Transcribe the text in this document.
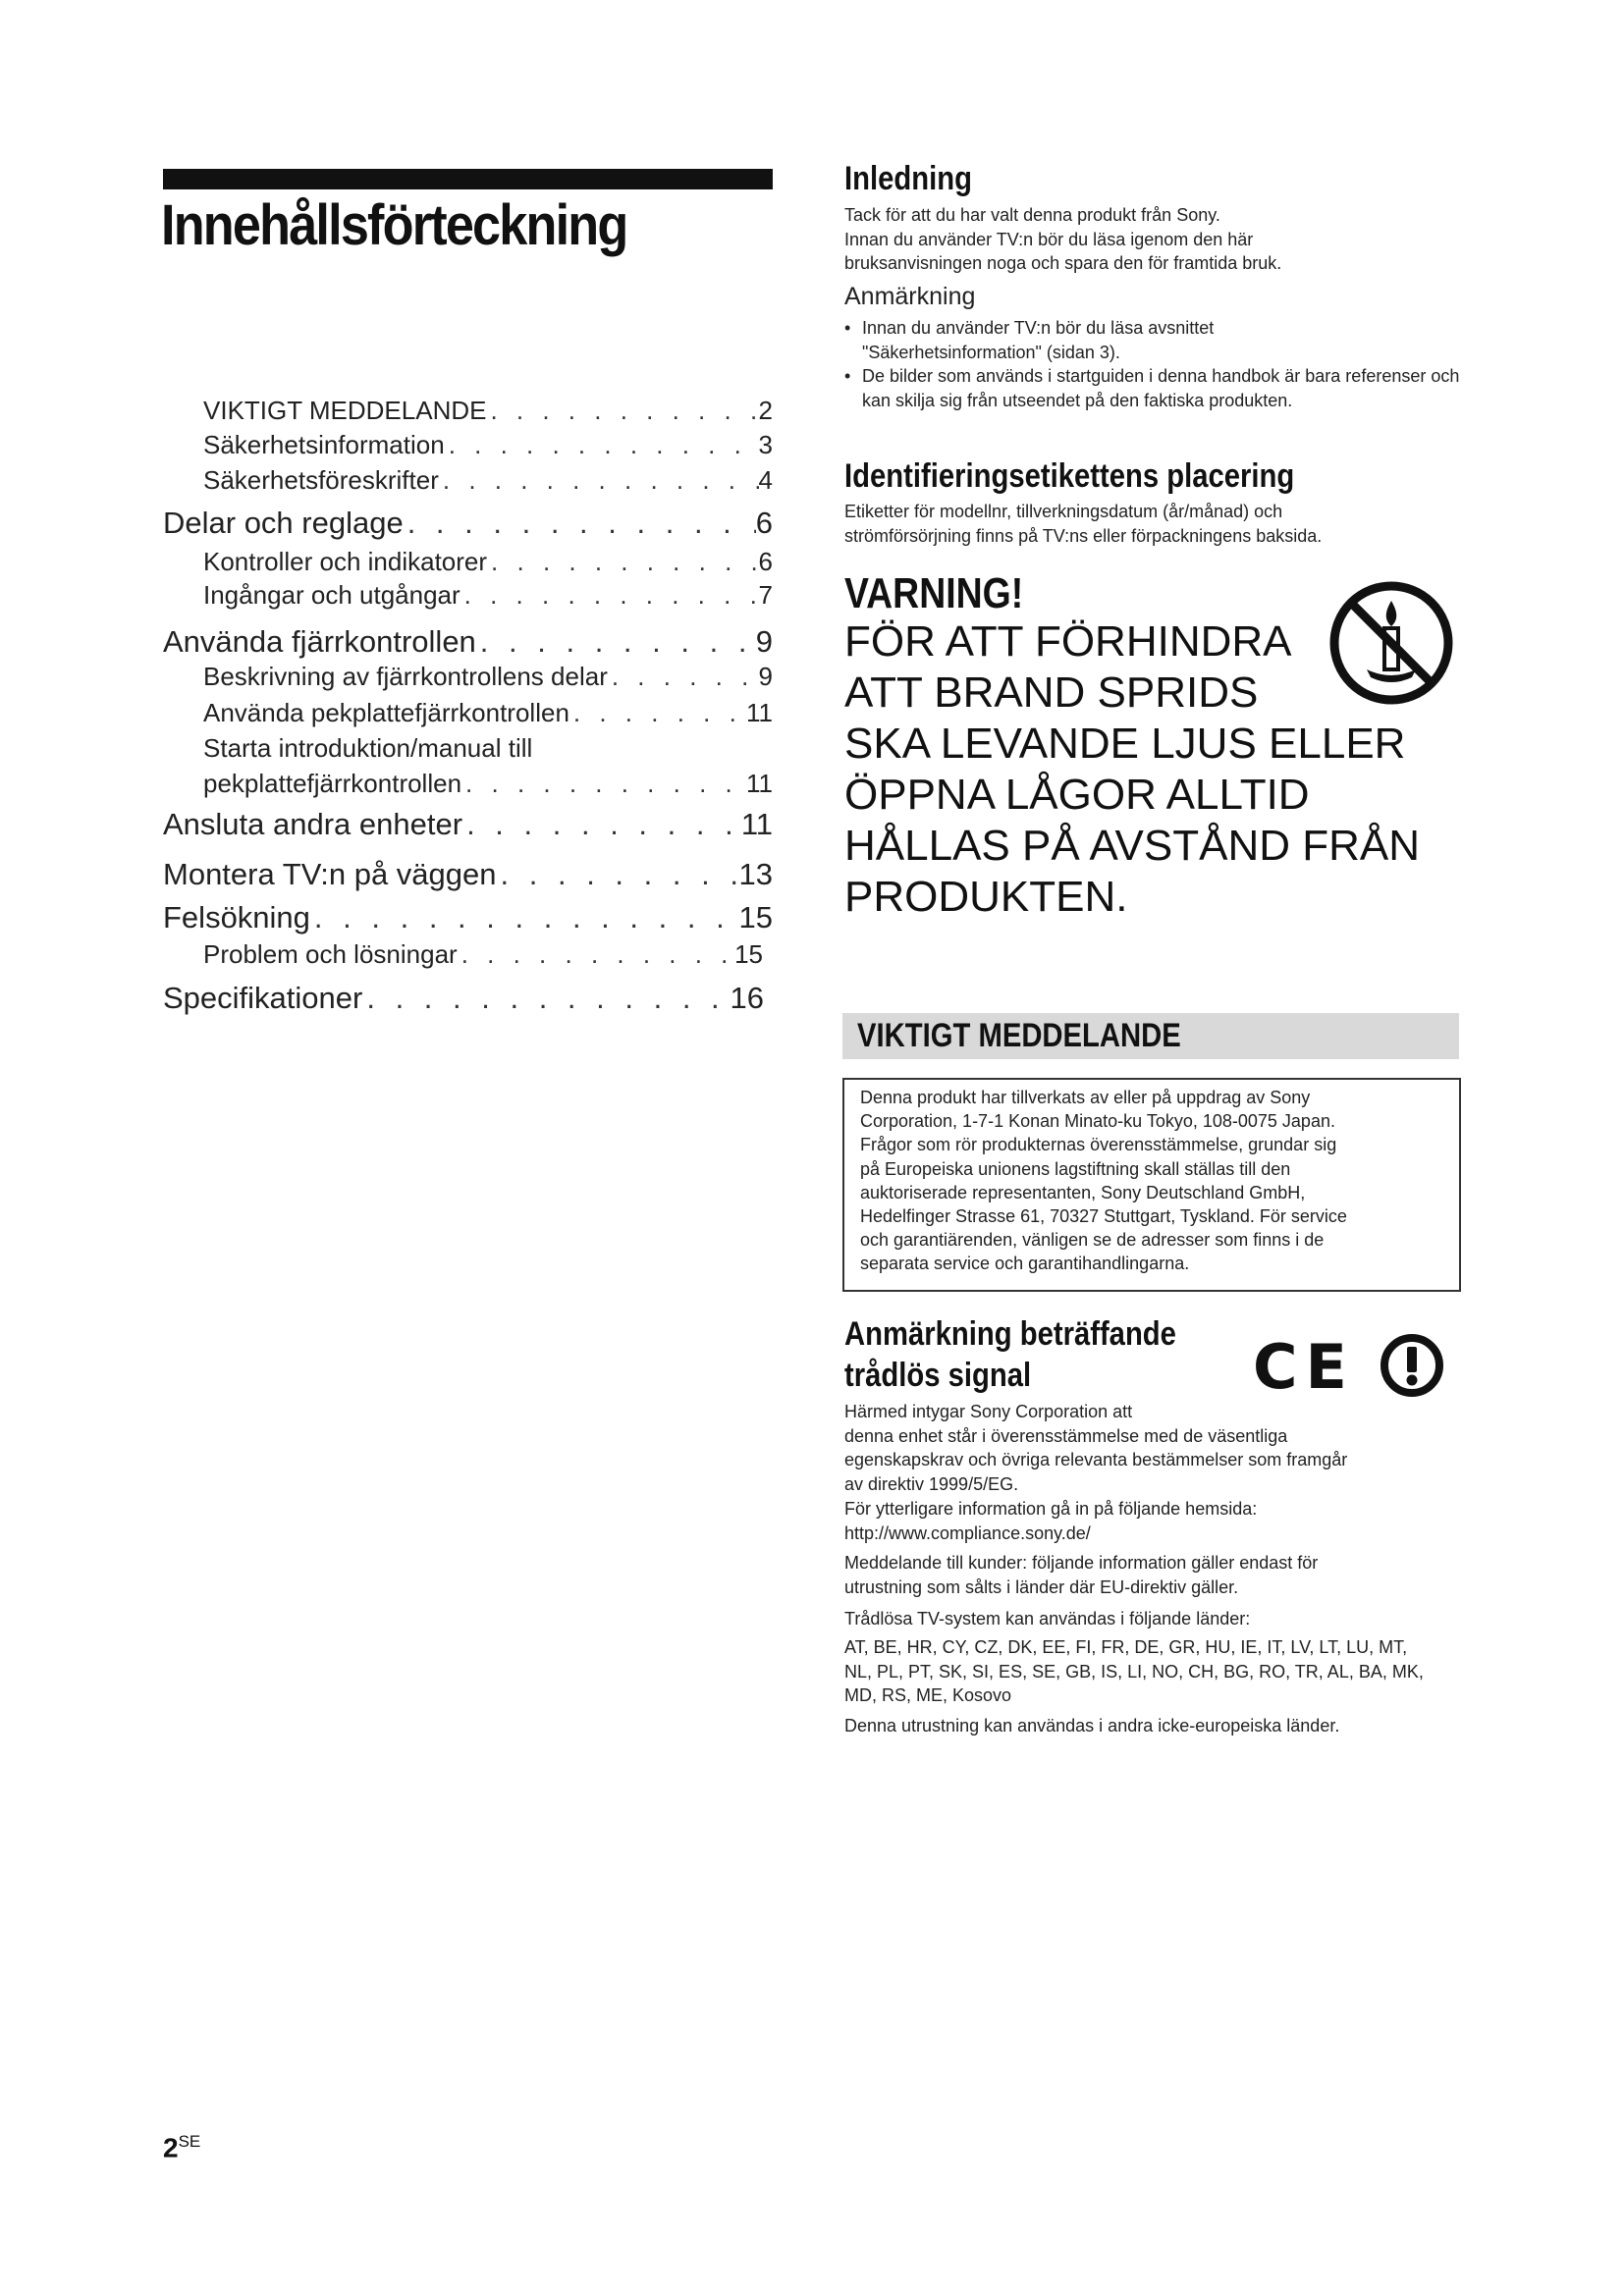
Innehållsförteckning
VIKTIGT MEDDELANDE . . .	2
Säkerhetsinformation . . .	3
Säkerhetsföreskrifter . . .	4
Delar och reglage . . .	6
Kontroller och indikatorer . . .	6
Ingångar och utgångar . . .	7
Använda fjärrkontrollen . . .	9
Beskrivning av fjärrkontrollens delar . . .	9
Använda pekplattefjärrkontrollen . . .	11
Starta introduktion/manual till
pekplattefjärrkontrollen . . .	11
Ansluta andra enheter . . .	11
Montera TV:n på väggen . . .	13
Felsökning . . .	15
Problem och lösningar . . .	15
Specifikationer . . .	16
Inledning
Tack för att du har valt denna produkt från Sony.
Innan du använder TV:n bör du läsa igenom den här
bruksanvisningen noga och spara den för framtida bruk.
Anmärkning
• Innan du använder TV:n bör du läsa avsnittet "Säkerhetsinformation" (sidan 3).
• De bilder som används i startguiden i denna handbok är bara referenser och kan skilja sig från utseendet på den faktiska produkten.
Identifieringsetikettens placering
Etiketter för modellnr, tillverkningsdatum (år/månad) och
strömförsörjning finns på TV:ns eller förpackningens baksida.
VARNING!
FÖR ATT FÖRHINDRA
ATT BRAND SPRIDS
SKA LEVANDE LJUS ELLER
ÖPPNA LÅGOR ALLTID
HÅLLAS PÅ AVSTÅND FRÅN
PRODUKTEN.
VIKTIGT MEDDELANDE
Denna produkt har tillverkats av eller på uppdrag av Sony
Corporation, 1-7-1 Konan Minato-ku Tokyo, 108-0075 Japan.
Frågor som rör produkternas överensstämmelse, grundar sig
på Europeiska unionens lagstiftning skall ställas till den
auktoriserade representanten, Sony Deutschland GmbH,
Hedelfinger Strasse 61, 70327 Stuttgart, Tyskland. För service
och garantiärenden, vänligen se de adresser som finns i de
separata service och garantihandlingarna.
Anmärkning beträffande
trådlös signal	CE
Härmed intygar Sony Corporation att
denna enhet står i överensstämmelse med de väsentliga
egenskapskrav och övriga relevanta bestämmelser som framgår
av direktiv 1999/5/EG.
För ytterligare information gå in på följande hemsida:
http://www.compliance.sony.de/
Meddelande till kunder: följande information gäller endast för
utrustning som sålts i länder där EU-direktiv gäller.
Trådlösa TV-system kan användas i följande länder:
AT, BE, HR, CY, CZ, DK, EE, FI, FR, DE, GR, HU, IE, IT, LV, LT, LU, MT,
NL, PL, PT, SK, SI, ES, SE, GB, IS, LI, NO, CH, BG, RO, TR, AL, BA, MK,
MD, RS, ME, Kosovo
Denna utrustning kan användas i andra icke-europeiska länder.
$2^{SE}$
